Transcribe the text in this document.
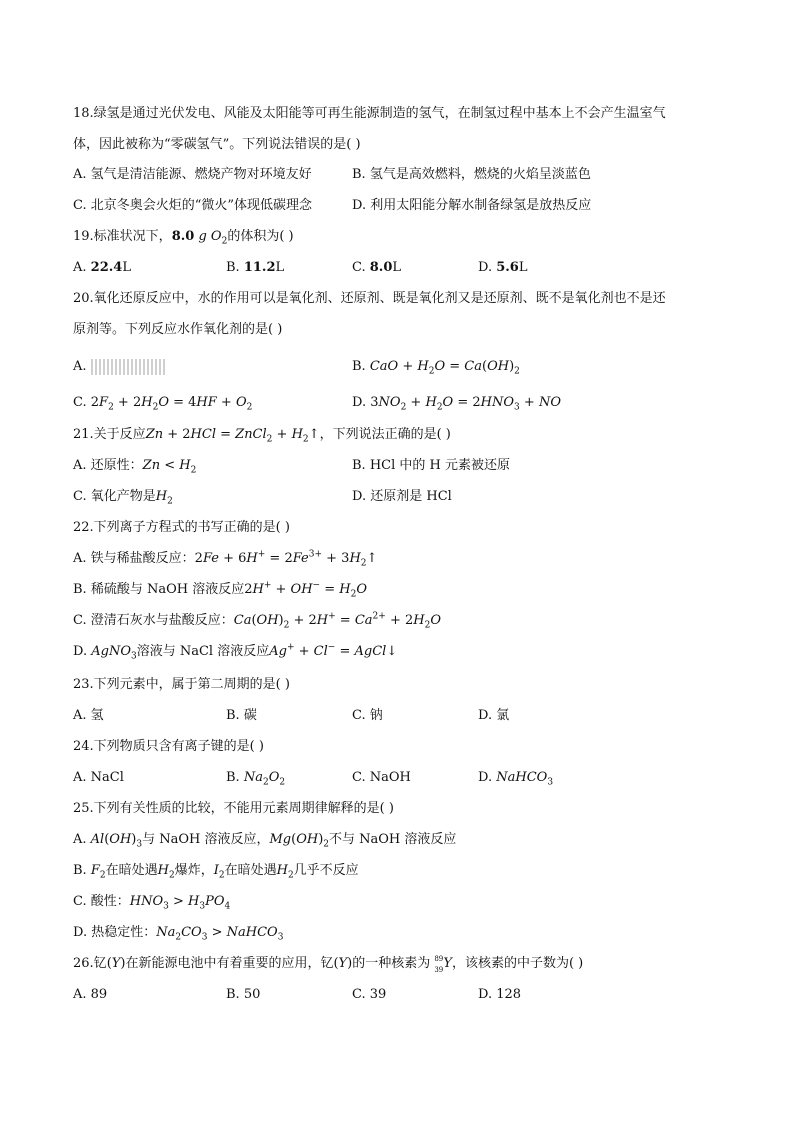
18.绿氢是通过光伏发电、风能及太阳能等可再生能源制造的氢气，在制氢过程中基本上不会产生温室气
体，因此被称为“零碳氢气”。下列说法错误的是( )
A. 氢气是清洁能源、燃烧产物对环境友好	B. 氢气是高效燃料，燃烧的火焰呈淡蓝色
C. 北京冬奥会火炬的“微火”体现低碳理念	D. 利用太阳能分解水制备绿氢是放热反应
19.标准状况下，8.0 g $O_2$的体积为( )
A. 22.4L	B. 11.2L	C. 8.0L	D. 5.6L
20.氧化还原反应中，水的作用可以是氧化剂、还原剂、既是氧化剂又是还原剂、既不是氧化剂也不是还
原剂等。下列反应水作氧化剂的是( )
A.	B. CaO + $H_2O = Ca(OH)_2$
C. $2F_2 + 2H_2O = 4HF + O_2$	D. $3NO_2 + H_2O = 2HNO_3$ + NO
21.关于反应Zn + 2HCl = ZnCl$_2$ + $H_2↑$，下列说法正确的是( )
A. 还原性：$Zn < H_2$	B. HCl 中的 H 元素被还原
C. 氧化产物是$H_2$	D. 还原剂是 HCl
22.下列离子方程式的书写正确的是( )
A. 铁与稀盐酸反应：$2Fe + 6H^+ = 2Fe^{3+}$ + $3H_2↑$
B. 稀硫酸与 NaOH 溶液反应$2H^+ + OH^- = H_2O$
C. 澄清石灰水与盐酸反应：$Ca(OH)_2 + 2H^+ = Ca^{2+} + 2H_2O$
D. AgNO$_3$溶液与 NaCl 溶液反应Ag+ + Cl− = AgCl↓
23.下列元素中，属于第二周期的是( )
A. 氢	B. 碳	C. 钠	D. 氯
24.下列物质只含有离子键的是( )
A. NaCl	B. $Na_2O_2$	C. NaOH	D. NaHCO$_3$
25.下列有关性质的比较，不能用元素周期律解释的是( )
A. $Al(OH)_3$与 NaOH 溶液反应，$Mg(OH)_2$不与 NaOH 溶液反应
B. $F_2$在暗处遇$H_2$爆炸，$I_2$在暗处遇$H_2$几乎不反应
C. 酸性：$HNO_3 > H_3PO_4$
D. 热稳定性：$Na_2CO_3$ > NaHCO$_3$
26.钇(Y)在新能源电池中有着重要的应用，钇(Y)的一种核素为 89
39 Y，该核素的中子数为( )
A. 89	B. 50	C. 39	D. 128
